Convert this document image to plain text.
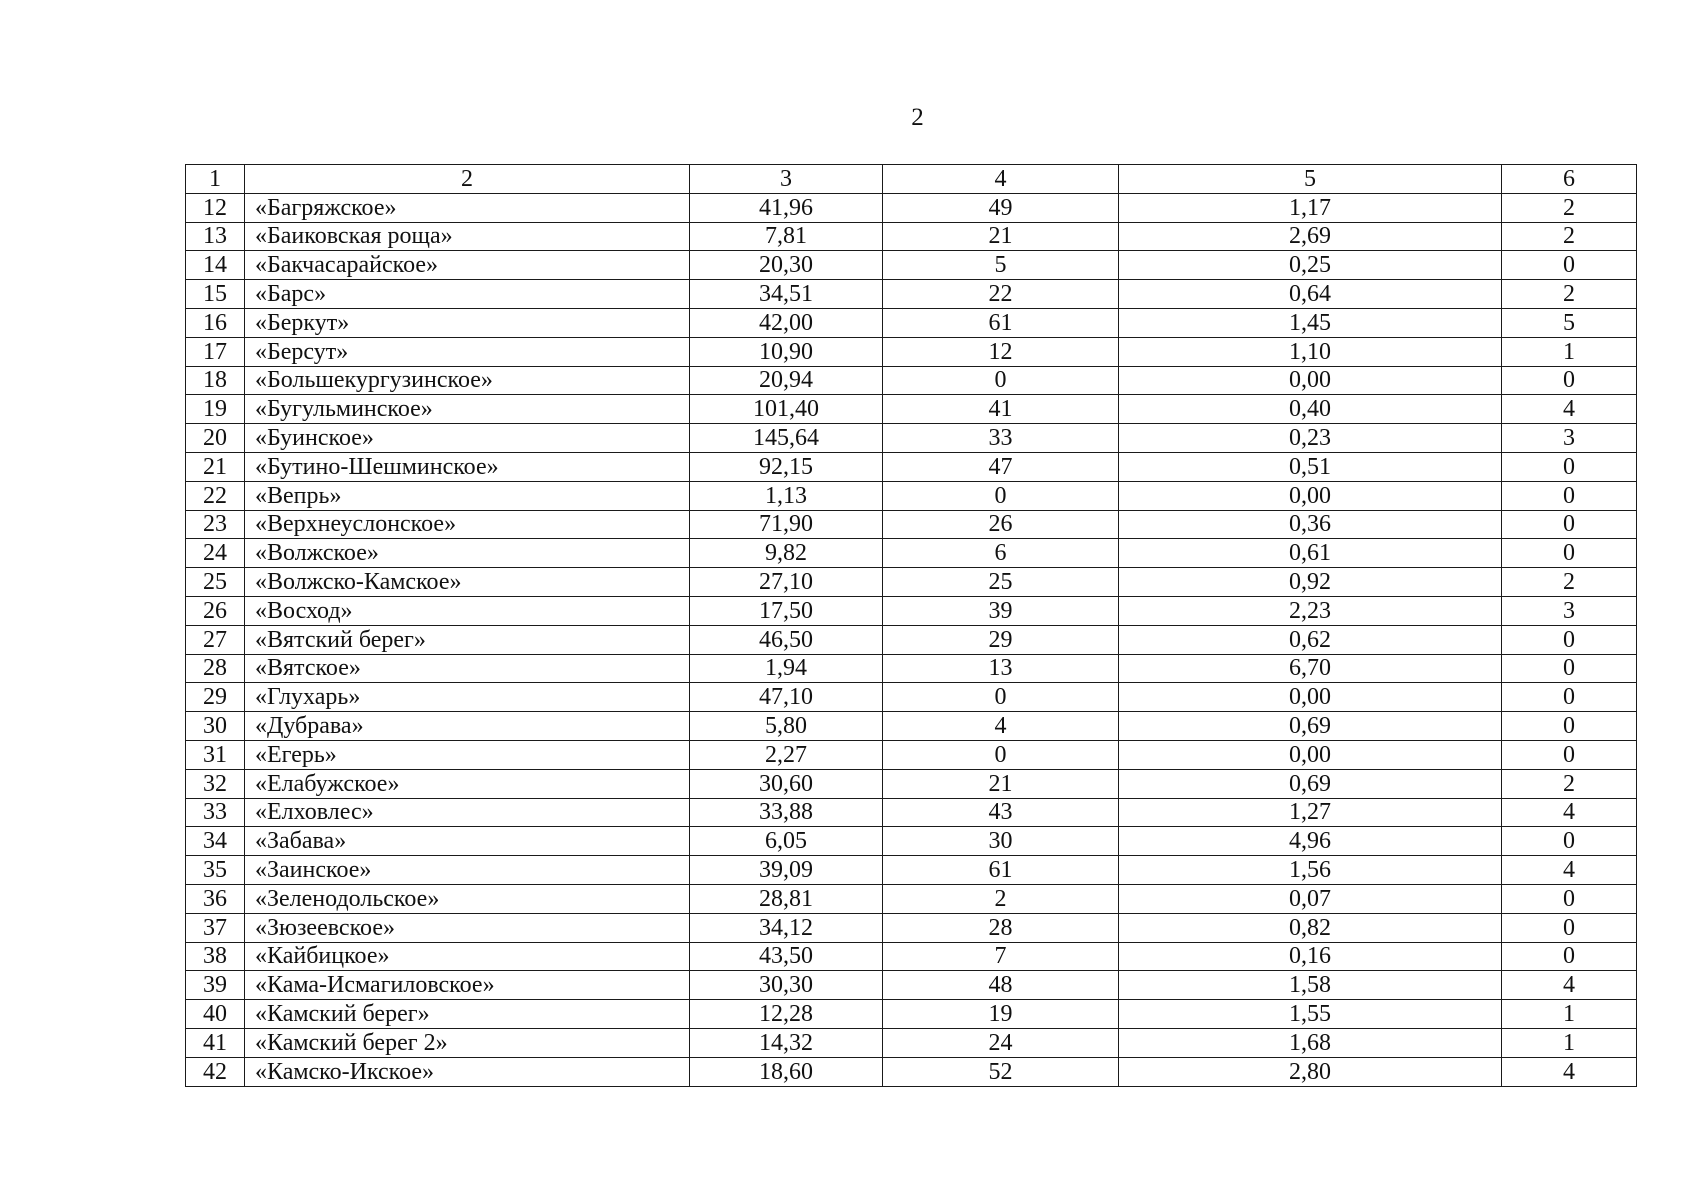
2
1	2	3	4	5	6
12	«Багряжское»	41,96	49	1,17	2
13	«Баиковская роща»	7,81	21	2,69	2
14	«Бакчасарайское»	20,30	5	0,25	0
15	«Барс»	34,51	22	0,64	2
16	«Беркут»	42,00	61	1,45	5
17	«Берсут»	10,90	12	1,10	1
18	«Большекургузинское»	20,94	0	0,00	0
19	«Бугульминское»	101,40	41	0,40	4
20	«Буинское»	145,64	33	0,23	3
21	«Бутино-Шешминское»	92,15	47	0,51	0
22	«Вепрь»	1,13	0	0,00	0
23	«Верхнеуслонское»	71,90	26	0,36	0
24	«Волжское»	9,82	6	0,61	0
25	«Волжско-Камское»	27,10	25	0,92	2
26	«Восход»	17,50	39	2,23	3
27	«Вятский берег»	46,50	29	0,62	0
28	«Вятское»	1,94	13	6,70	0
29	«Глухарь»	47,10	0	0,00	0
30	«Дубрава»	5,80	4	0,69	0
31	«Егерь»	2,27	0	0,00	0
32	«Елабужское»	30,60	21	0,69	2
33	«Елховлес»	33,88	43	1,27	4
34	«Забава»	6,05	30	4,96	0
35	«Заинское»	39,09	61	1,56	4
36	«Зеленодольское»	28,81	2	0,07	0
37	«Зюзеевское»	34,12	28	0,82	0
38	«Кайбицкое»	43,50	7	0,16	0
39	«Кама-Исмагиловское»	30,30	48	1,58	4
40	«Камский берег»	12,28	19	1,55	1
41	«Камский берег 2»	14,32	24	1,68	1
42	«Камско-Икское»	18,60	52	2,80	4
